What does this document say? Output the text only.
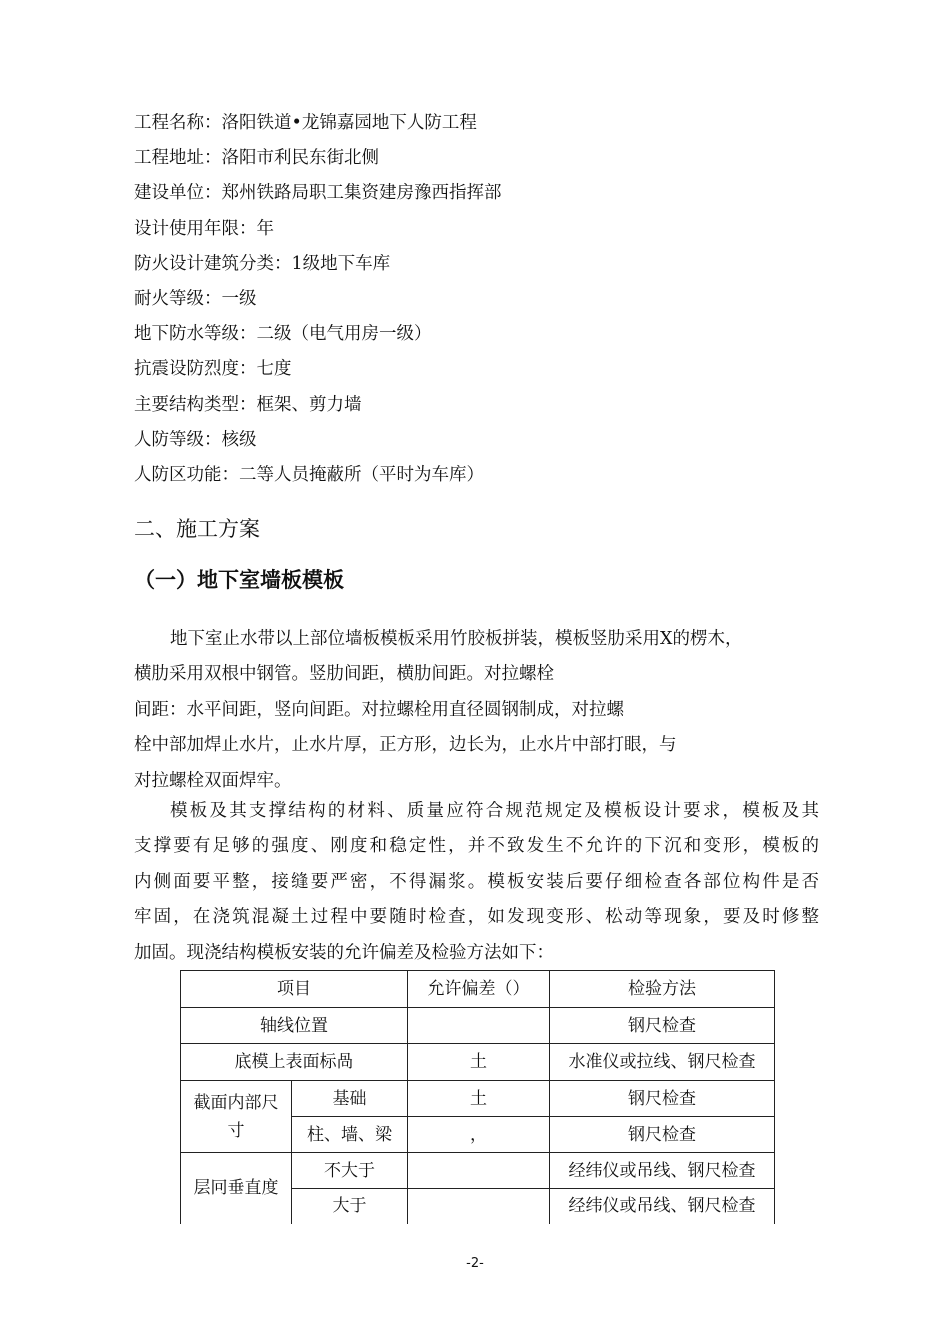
工程名称：洛阳铁道•龙锦嘉园地下人防工程
工程地址：洛阳市利民东街北侧
建设单位：郑州铁路局职工集资建房豫西指挥部
设计使用年限：年
防火设计建筑分类：1级地下车库
耐火等级：一级
地下防水等级：二级（电气用房一级）
抗震设防烈度：七度
主要结构类型：框架、剪力墙
人防等级：核级
人防区功能：二等人员掩蔽所（平时为车库）
二、施工方案
（一）地下室墙板模板
地下室止水带以上部位墙板模板采用竹胶板拼装，模板竖肋采用X的楞木，
横肋采用双根中钢管。竖肋间距，横肋间距。对拉螺栓
间距：水平间距，竖向间距。对拉螺栓用直径圆钢制成，对拉螺
栓中部加焊止水片，止水片厚，正方形，边长为，止水片中部打眼，与
对拉螺栓双面焊牢。
模板及其支撑结构的材料、质量应符合规范规定及模板设计要求，模板及其
支撑要有足够的强度、刚度和稳定性，并不致发生不允许的下沉和变形，模板的
内侧面要平整，接缝要严密，不得漏浆。模板安装后要仔细检查各部位构件是否
牢固，在浇筑混凝土过程中要随时检查，如发现变形、松动等现象，要及时修整
加固。现浇结构模板安装的允许偏差及检验方法如下：
项目		允许偏差（）	检验方法
轴线位置			钢尺检查
底模上表面标咼		土	水准仪或拉线、钢尺检查

截面内部尺寸	基础	土	钢尺检查
	柱、墙、梁	，	钢尺检查
层冋垂直度	不大于		经纬仪或吊线、钢尺检查
	大于		经纬仪或吊线、钢尺检查
-2-
